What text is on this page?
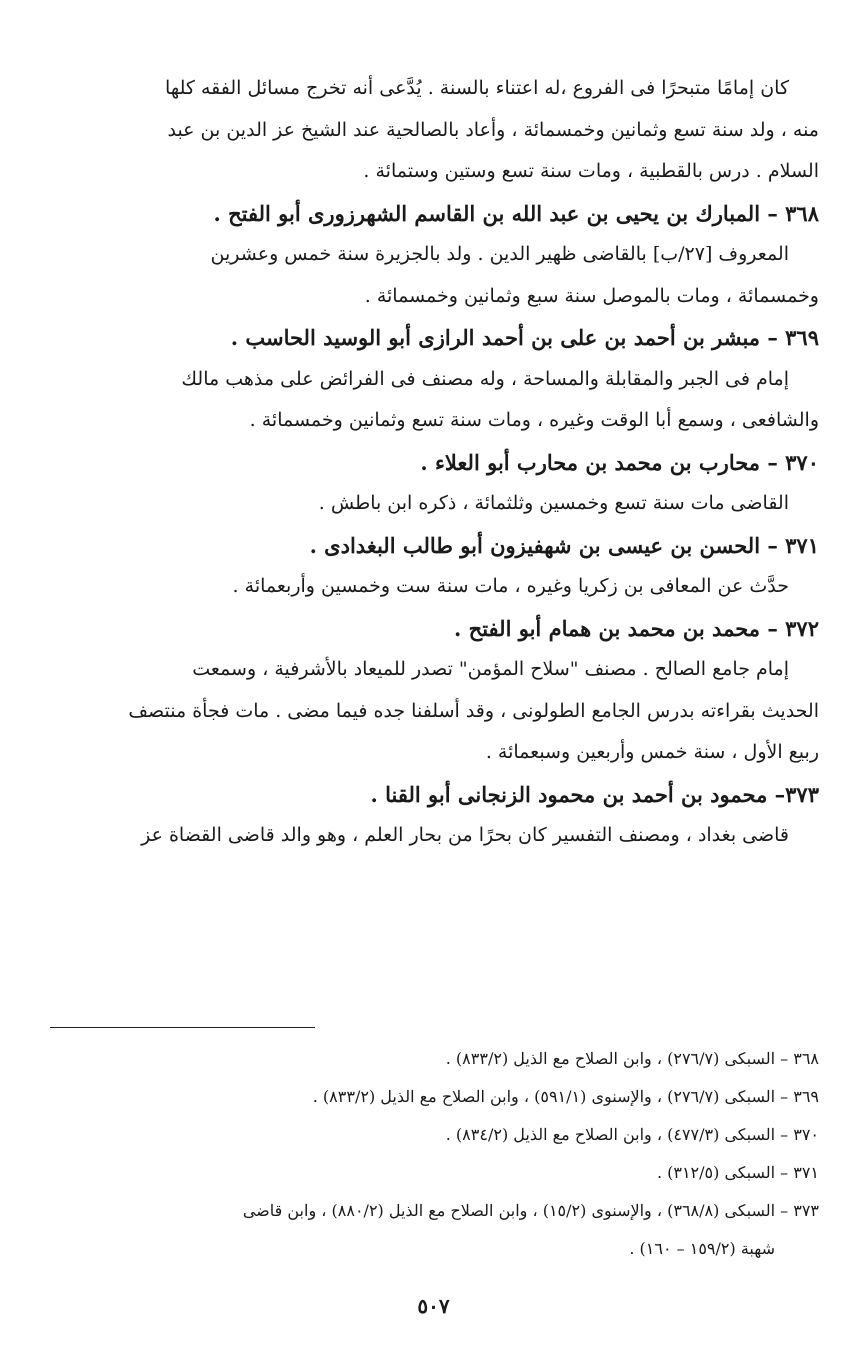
كان إمامًا متبحرًا فى الفروع ،له اعتناء بالسنة . يُدَّعى أنه تخرج مسائل الفقه كلها

منه ، ولد سنة تسع وثمانين وخمسمائة ، وأعاد بالصالحية عند الشيخ عز الدين بن عبد

السلام . درس بالقطبية ، ومات سنة تسع وستين وستمائة .

٣٦٨ – المبارك بن يحيى بن عبد الله بن القاسم الشهرزورى أبو الفتح .

المعروف [٢٧/ب] بالقاضى ظهير الدين . ولد بالجزيرة سنة خمس وعشرين

وخمسمائة ، ومات بالموصل سنة سبع وثمانين وخمسمائة .

٣٦٩ – مبشر بن أحمد بن على بن أحمد الرازى أبو الوسيد الحاسب .

إمام فى الجبر والمقابلة والمساحة ، وله مصنف فى الفرائض على مذهب مالك

والشافعى ، وسمع أبا الوقت وغيره ، ومات سنة تسع وثمانين وخمسمائة .

٣٧٠ – محارب بن محمد بن محارب أبو العلاء .

القاضى مات سنة تسع وخمسين وثلثمائة ، ذكره ابن باطش .

٣٧١ – الحسن بن عيسى بن شهفيزون أبو طالب البغدادى .

حدَّث عن المعافى بن زكريا وغيره ، مات سنة ست وخمسين وأربعمائة .

٣٧٢ – محمد بن محمد بن همام أبو الفتح .

إمام جامع الصالح . مصنف "سلاح المؤمن" تصدر للميعاد بالأشرفية ، وسمعت

الحديث بقراءته بدرس الجامع الطولونى ، وقد أسلفنا جده فيما مضى . مات فجأة منتصف

ربيع الأول ، سنة خمس وأربعين وسبعمائة .

٣٧٣– محمود بن أحمد بن محمود الزنجانى أبو القنا .

قاضى بغداد ، ومصنف التفسير كان بحرًا من بحار العلم ، وهو والد قاضى القضاة عز

٣٦٨ – السبكى (٢٧٦/٧) ، وابن الصلاح مع الذيل (٨٣٣/٢) .

٣٦٩ – السبكى (٢٧٦/٧) ، والإسنوى (٥٩١/١) ، وابن الصلاح مع الذيل (٨٣٣/٢) .

٣٧٠ – السبكى (٤٧٧/٣) ، وابن الصلاح مع الذيل (٨٣٤/٢) .

٣٧١ – السبكى (٣١٢/٥) .

٣٧٣ – السبكى (٣٦٨/٨) ، والإسنوى (١٥/٢) ، وابن الصلاح مع الذيل (٨٨٠/٢) ، وابن قاضى

شهبة (١٥٩/٢ – ١٦٠) .

٥٠٧
